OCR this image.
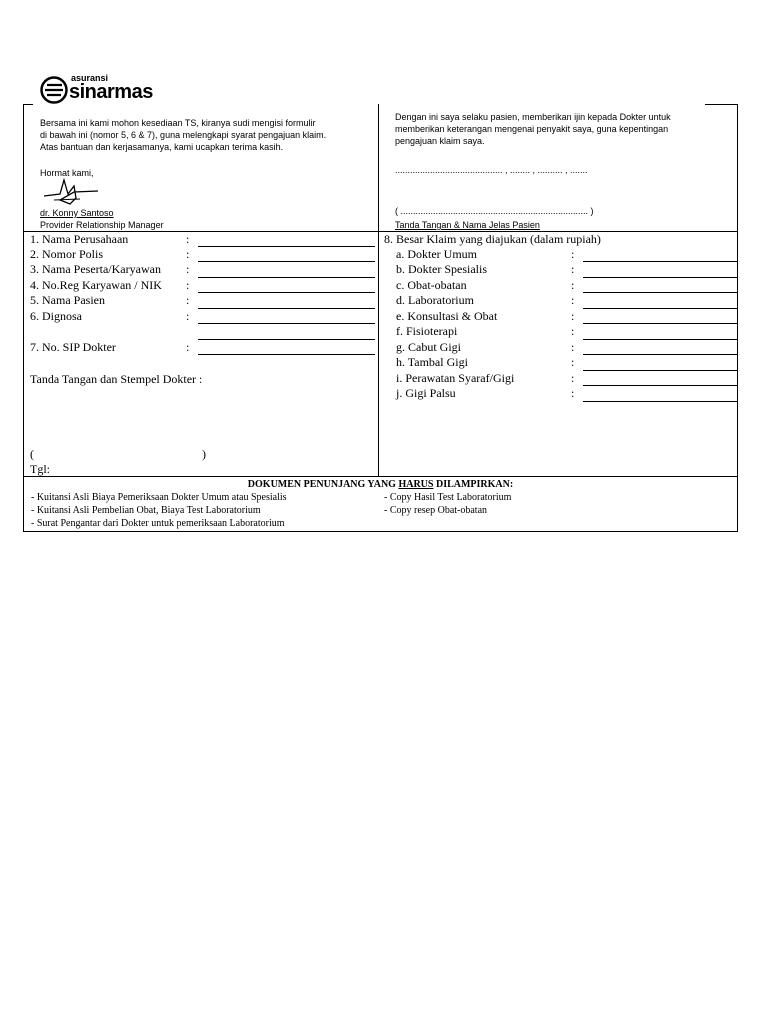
asuransi
sinarmas
Bersama ini kami mohon kesediaan TS, kiranya sudi mengisi formulir
di bawah ini (nomor 5, 6 & 7), guna melengkapi syarat pengajuan klaim.
Atas bantuan dan kerjasamanya, kami ucapkan terima kasih.
Hormat kami,
dr. Konny Santoso
Provider Relationship Manager
Dengan ini saya selaku pasien, memberikan ijin kepada Dokter untuk
memberikan keterangan mengenai penyakit saya, guna kepentingan
pengajuan klaim saya.
........................................... , ........ , .......... , .......
( ........................................................................... )
Tanda Tangan & Nama Jelas Pasien
1. Nama Perusahaan	:
2. Nomor Polis	:
3. Nama Peserta/Karyawan :
4. No.Reg Karyawan / NIK :
5. Nama Pasien	:
6. Dignosa	:
7. No. SIP Dokter	:
Tanda Tangan dan Stempel Dokter :
(	)
Tgl:
8. Besar Klaim yang diajukan (dalam rupiah)
a. Dokter Umum	:
b. Dokter Spesialis	:
c. Obat-obatan	:
d. Laboratorium	:
e. Konsultasi & Obat	:
f. Fisioterapi	:
g. Cabut Gigi	:
h. Tambal Gigi	:
i. Perawatan Syaraf/Gigi	:
j. Gigi Palsu	:
DOKUMEN PENUNJANG YANG HARUS DILAMPIRKAN:
- Kuitansi Asli Biaya Pemeriksaan Dokter Umum atau Spesialis
- Kuitansi Asli Pembelian Obat, Biaya Test Laboratorium
- Surat Pengantar dari Dokter untuk pemeriksaan Laboratorium
- Copy Hasil Test Laboratorium
- Copy resep Obat-obatan
